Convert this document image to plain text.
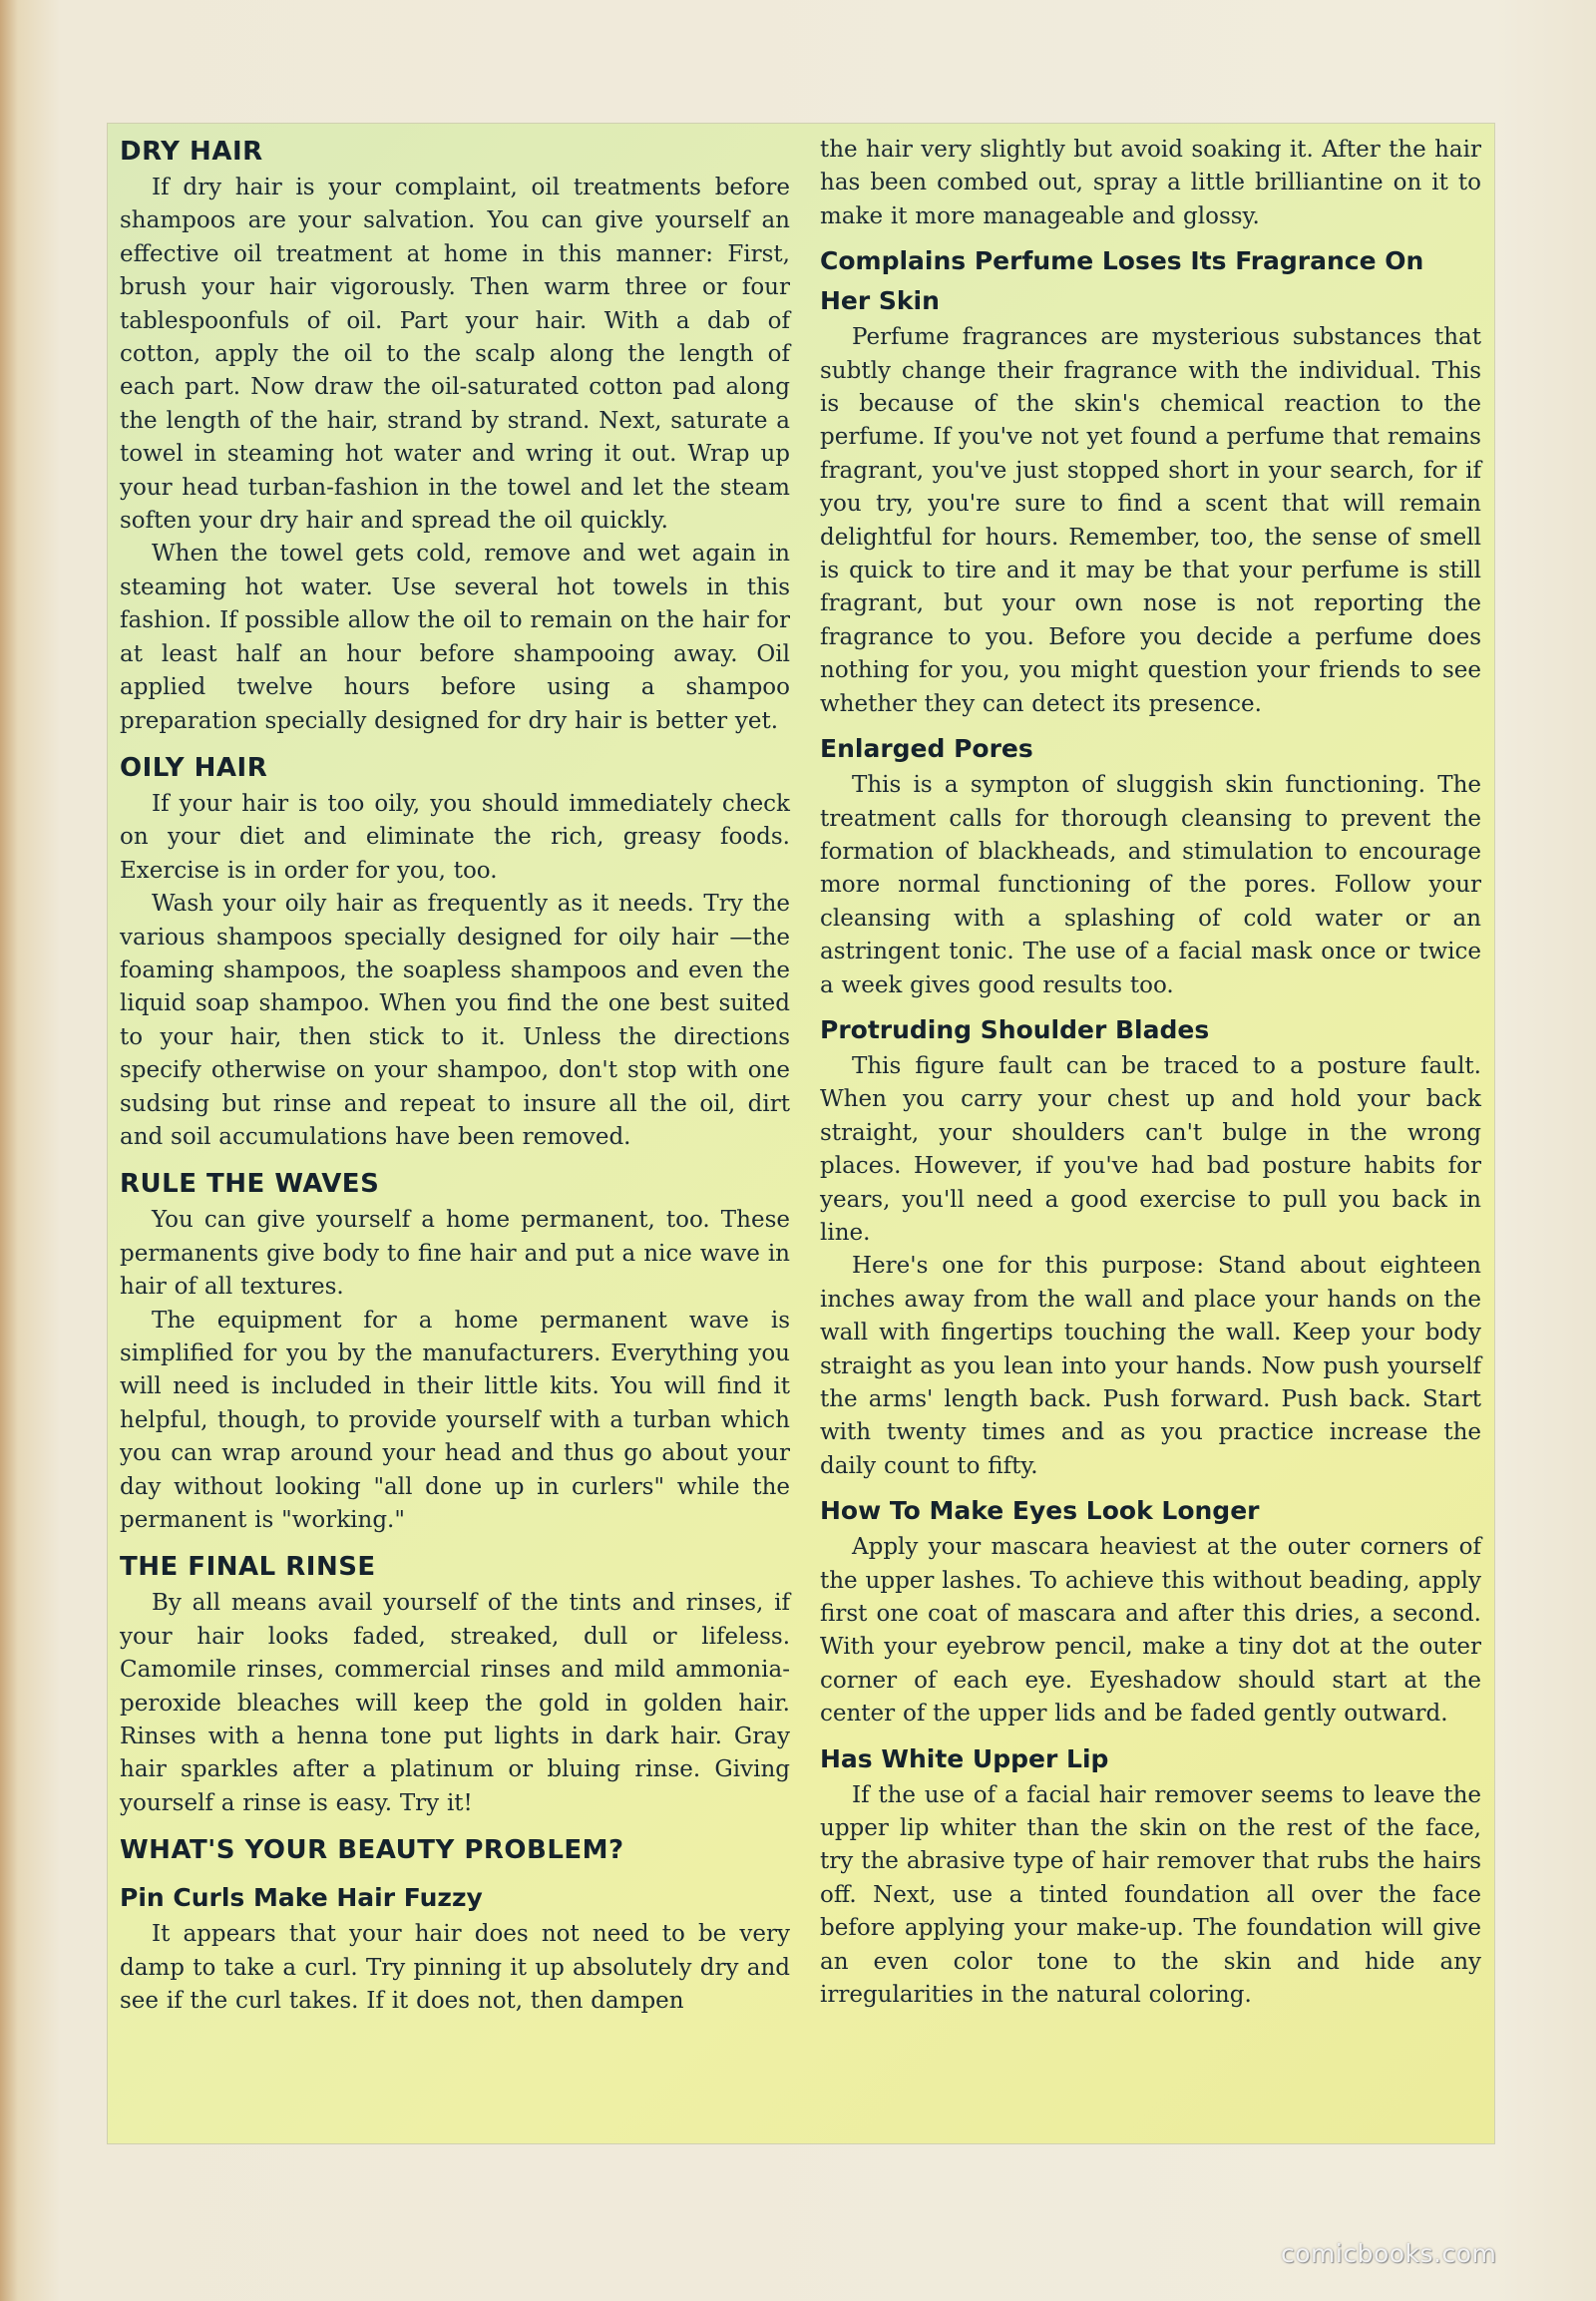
DRY HAIR

If dry hair is your complaint, oil treatments before shampoos are your salvation. You can give yourself an effective oil treatment at home in this manner: First, brush your hair vigorously. Then warm three or four tablespoonfuls of oil. Part your hair. With a dab of cotton, apply the oil to the scalp along the length of each part. Now draw the oil-saturated cotton pad along the length of the hair, strand by strand. Next, saturate a towel in steaming hot water and wring it out. Wrap up your head turban-fashion in the towel and let the steam soften your dry hair and spread the oil quickly.

When the towel gets cold, remove and wet again in steaming hot water. Use several hot towels in this fashion. If possible allow the oil to remain on the hair for at least half an hour before shampooing away. Oil applied twelve hours before using a shampoo preparation specially designed for dry hair is better yet.

OILY HAIR

If your hair is too oily, you should immediately check on your diet and eliminate the rich, greasy foods. Exercise is in order for you, too.

Wash your oily hair as frequently as it needs. Try the various shampoos specially designed for oily hair —the foaming shampoos, the soapless shampoos and even the liquid soap shampoo. When you find the one best suited to your hair, then stick to it. Unless the directions specify otherwise on your shampoo, don't stop with one sudsing but rinse and repeat to insure all the oil, dirt and soil accumulations have been removed.

RULE THE WAVES

You can give yourself a home permanent, too. These permanents give body to fine hair and put a nice wave in hair of all textures.

The equipment for a home permanent wave is simplified for you by the manufacturers. Everything you will need is included in their little kits. You will find it helpful, though, to provide yourself with a turban which you can wrap around your head and thus go about your day without looking "all done up in curlers" while the permanent is "working."

THE FINAL RINSE

By all means avail yourself of the tints and rinses, if your hair looks faded, streaked, dull or lifeless. Camomile rinses, commercial rinses and mild ammonia-peroxide bleaches will keep the gold in golden hair. Rinses with a henna tone put lights in dark hair. Gray hair sparkles after a platinum or bluing rinse. Giving yourself a rinse is easy. Try it!

WHAT'S YOUR BEAUTY PROBLEM?
Pin Curls Make Hair Fuzzy

It appears that your hair does not need to be very damp to take a curl. Try pinning it up absolutely dry and see if the curl takes. If it does not, then dampen

the hair very slightly but avoid soaking it. After the hair has been combed out, spray a little brilliantine on it to make it more manageable and glossy.

Complains Perfume Loses Its Fragrance On Her Skin

Perfume fragrances are mysterious substances that subtly change their fragrance with the individual. This is because of the skin's chemical reaction to the perfume. If you've not yet found a perfume that remains fragrant, you've just stopped short in your search, for if you try, you're sure to find a scent that will remain delightful for hours. Remember, too, the sense of smell is quick to tire and it may be that your perfume is still fragrant, but your own nose is not reporting the fragrance to you. Before you decide a perfume does nothing for you, you might question your friends to see whether they can detect its presence.

Enlarged Pores

This is a sympton of sluggish skin functioning. The treatment calls for thorough cleansing to prevent the formation of blackheads, and stimulation to encourage more normal functioning of the pores. Follow your cleansing with a splashing of cold water or an astringent tonic. The use of a facial mask once or twice a week gives good results too.

Protruding Shoulder Blades

This figure fault can be traced to a posture fault. When you carry your chest up and hold your back straight, your shoulders can't bulge in the wrong places. However, if you've had bad posture habits for years, you'll need a good exercise to pull you back in line.

Here's one for this purpose: Stand about eighteen inches away from the wall and place your hands on the wall with fingertips touching the wall. Keep your body straight as you lean into your hands. Now push yourself the arms' length back. Push forward. Push back. Start with twenty times and as you practice increase the daily count to fifty.

How To Make Eyes Look Longer

Apply your mascara heaviest at the outer corners of the upper lashes. To achieve this without beading, apply first one coat of mascara and after this dries, a second. With your eyebrow pencil, make a tiny dot at the outer corner of each eye. Eyeshadow should start at the center of the upper lids and be faded gently outward.

Has White Upper Lip

If the use of a facial hair remover seems to leave the upper lip whiter than the skin on the rest of the face, try the abrasive type of hair remover that rubs the hairs off. Next, use a tinted foundation all over the face before applying your make-up. The foundation will give an even color tone to the skin and hide any irregularities in the natural coloring.

comicbooks.com
